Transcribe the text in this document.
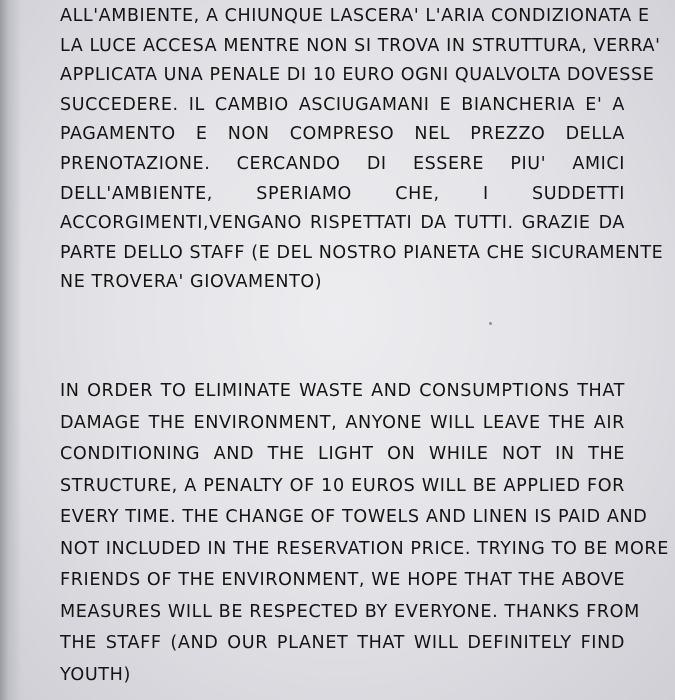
ALL'AMBIENTE, A CHIUNQUE LASCERA' L'ARIA CONDIZIONATA E
LA LUCE ACCESA MENTRE NON SI TROVA IN STRUTTURA, VERRA'
APPLICATA UNA PENALE DI 10 EURO OGNI QUALVOLTA DOVESSE
SUCCEDERE. IL CAMBIO ASCIUGAMANI E BIANCHERIA E' A
PAGAMENTO E NON COMPRESO NEL PREZZO DELLA
PRENOTAZIONE. CERCANDO DI ESSERE PIU' AMICI
DELL'AMBIENTE, SPERIAMO CHE, I SUDDETTI
ACCORGIMENTI,VENGANO RISPETTATI DA TUTTI. GRAZIE DA
PARTE DELLO STAFF (E DEL NOSTRO PIANETA CHE SICURAMENTE
NE TROVERA' GIOVAMENTO)

IN ORDER TO ELIMINATE WASTE AND CONSUMPTIONS THAT
DAMAGE THE ENVIRONMENT, ANYONE WILL LEAVE THE AIR
CONDITIONING AND THE LIGHT ON WHILE NOT IN THE
STRUCTURE, A PENALTY OF 10 EUROS WILL BE APPLIED FOR
EVERY TIME. THE CHANGE OF TOWELS AND LINEN IS PAID AND
NOT INCLUDED IN THE RESERVATION PRICE. TRYING TO BE MORE
FRIENDS OF THE ENVIRONMENT, WE HOPE THAT THE ABOVE
MEASURES WILL BE RESPECTED BY EVERYONE. THANKS FROM
THE STAFF (AND OUR PLANET THAT WILL DEFINITELY FIND
YOUTH)
